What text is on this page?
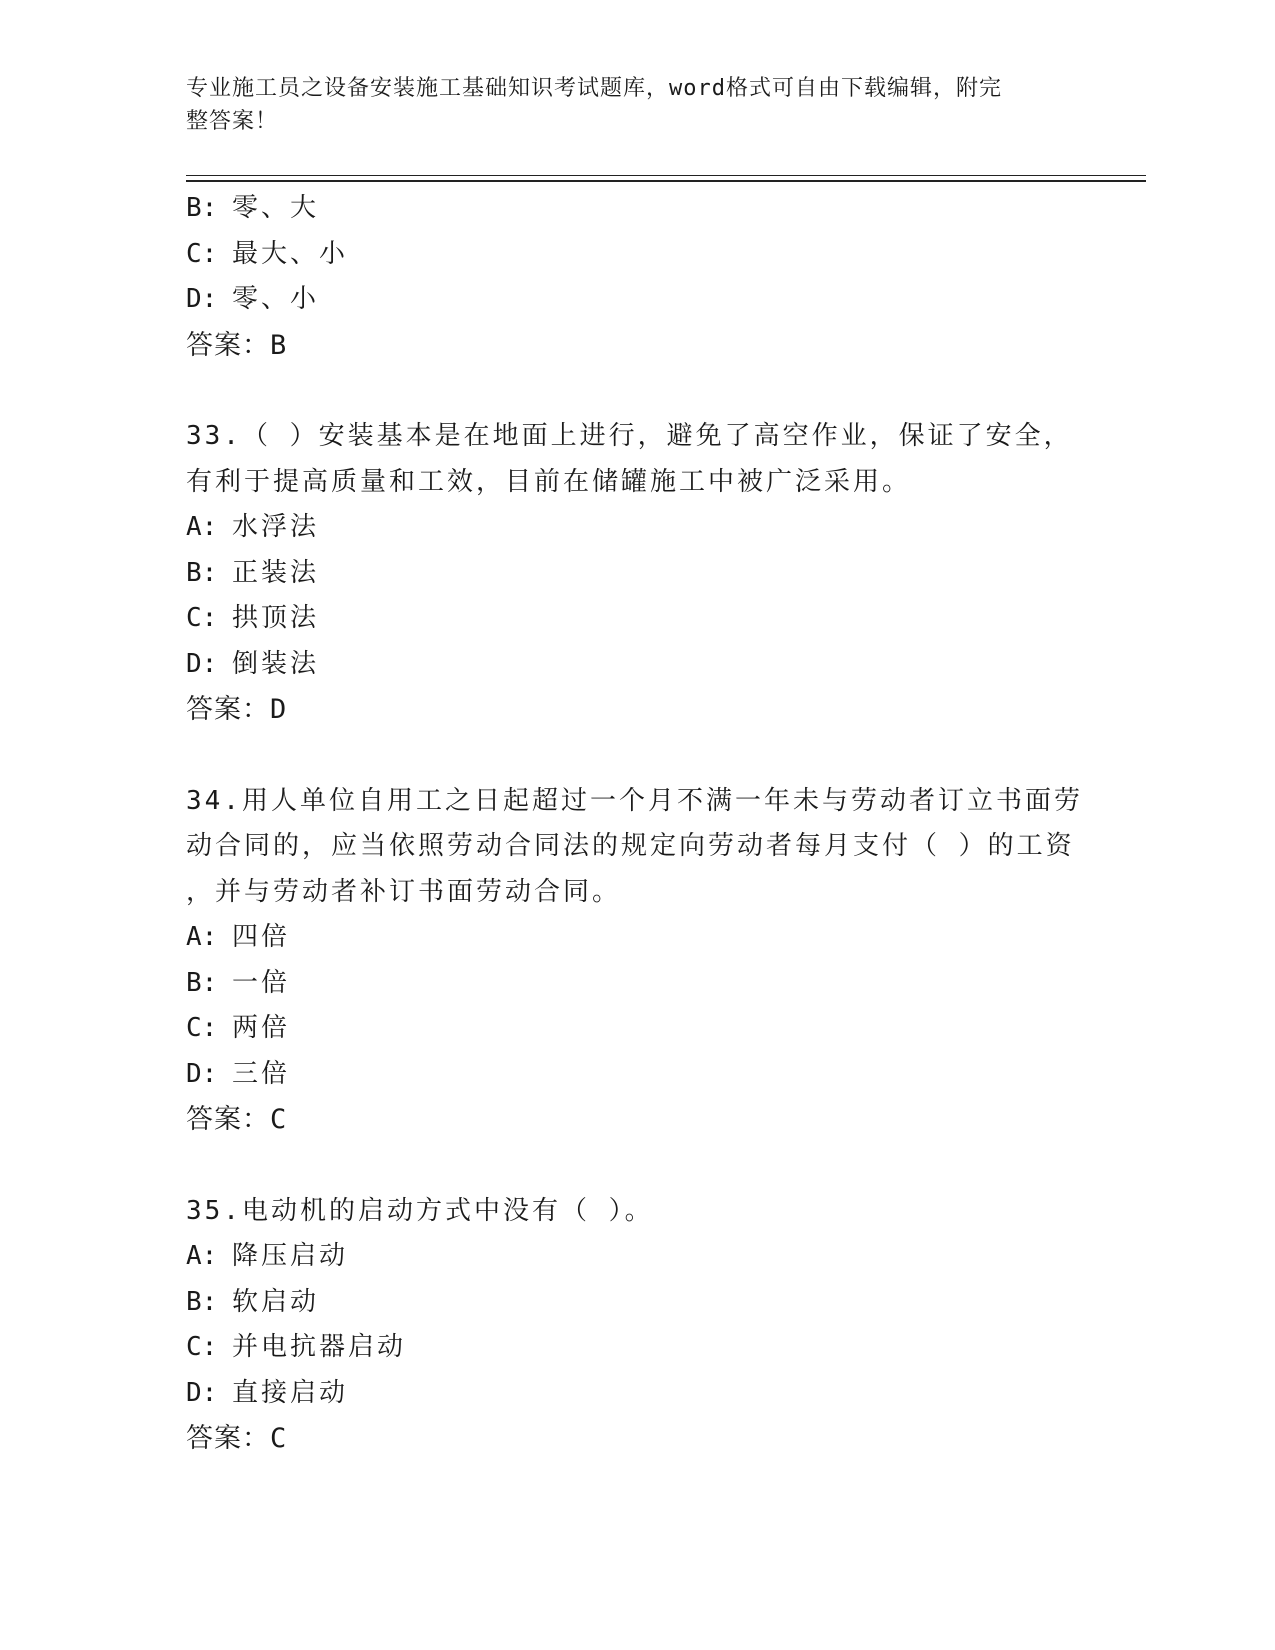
专业施工员之设备安装施工基础知识考试题库，word格式可自由下载编辑，附完
整答案！
B: 零、大
C: 最大、小
D: 零、小
答案：B
33.（ ）安装基本是在地面上进行，避免了高空作业，保证了安全，
有利于提高质量和工效，目前在储罐施工中被广泛采用。
A: 水浮法
B: 正装法
C: 拱顶法
D: 倒装法
答案：D
34.用人单位自用工之日起超过一个月不满一年未与劳动者订立书面劳
动合同的，应当依照劳动合同法的规定向劳动者每月支付（ ）的工资
，并与劳动者补订书面劳动合同。
A: 四倍
B: 一倍
C: 两倍
D: 三倍
答案：C
35.电动机的启动方式中没有（ ）。
A: 降压启动
B: 软启动
C: 并电抗器启动
D: 直接启动
答案：C
